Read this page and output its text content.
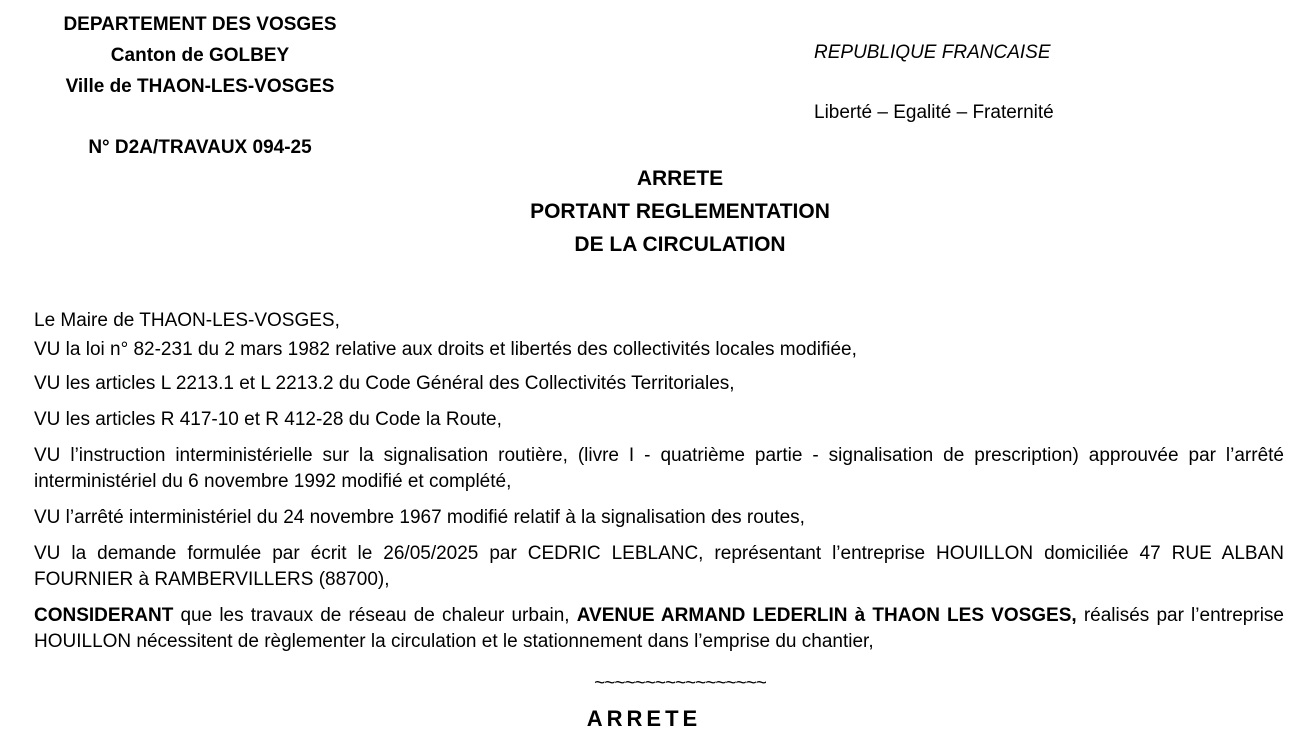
DEPARTEMENT DES VOSGES
Canton de GOLBEY
Ville de THAON-LES-VOSGES
N° D2A/TRAVAUX 094-25
REPUBLIQUE FRANCAISE
Liberté – Egalité – Fraternité
ARRETE
PORTANT REGLEMENTATION
DE LA CIRCULATION

Le Maire de THAON-LES-VOSGES,

VU la loi n° 82-231 du 2 mars 1982 relative aux droits et libertés des collectivités locales modifiée,

VU les articles L 2213.1 et L 2213.2 du Code Général des Collectivités Territoriales,

VU les articles R 417-10 et R 412-28 du Code la Route,

VU l’instruction interministérielle sur la signalisation routière, (livre I - quatrième partie - signalisation de prescription) approuvée par l’arrêté interministériel du 6 novembre 1992 modifié et complété,

VU l’arrêté interministériel du 24 novembre 1967 modifié relatif à la signalisation des routes,

VU la demande formulée par écrit le 26/05/2025 par CEDRIC LEBLANC, représentant l’entreprise HOUILLON domiciliée 47 RUE ALBAN FOURNIER à RAMBERVILLERS (88700),

CONSIDERANT que les travaux de réseau de chaleur urbain, AVENUE ARMAND LEDERLIN à THAON LES VOSGES, réalisés par l’entreprise HOUILLON nécessitent de règlementer la circulation et le stationnement dans l’emprise du chantier,

~~~~~~~~~~~~~~~~~
ARRETE
